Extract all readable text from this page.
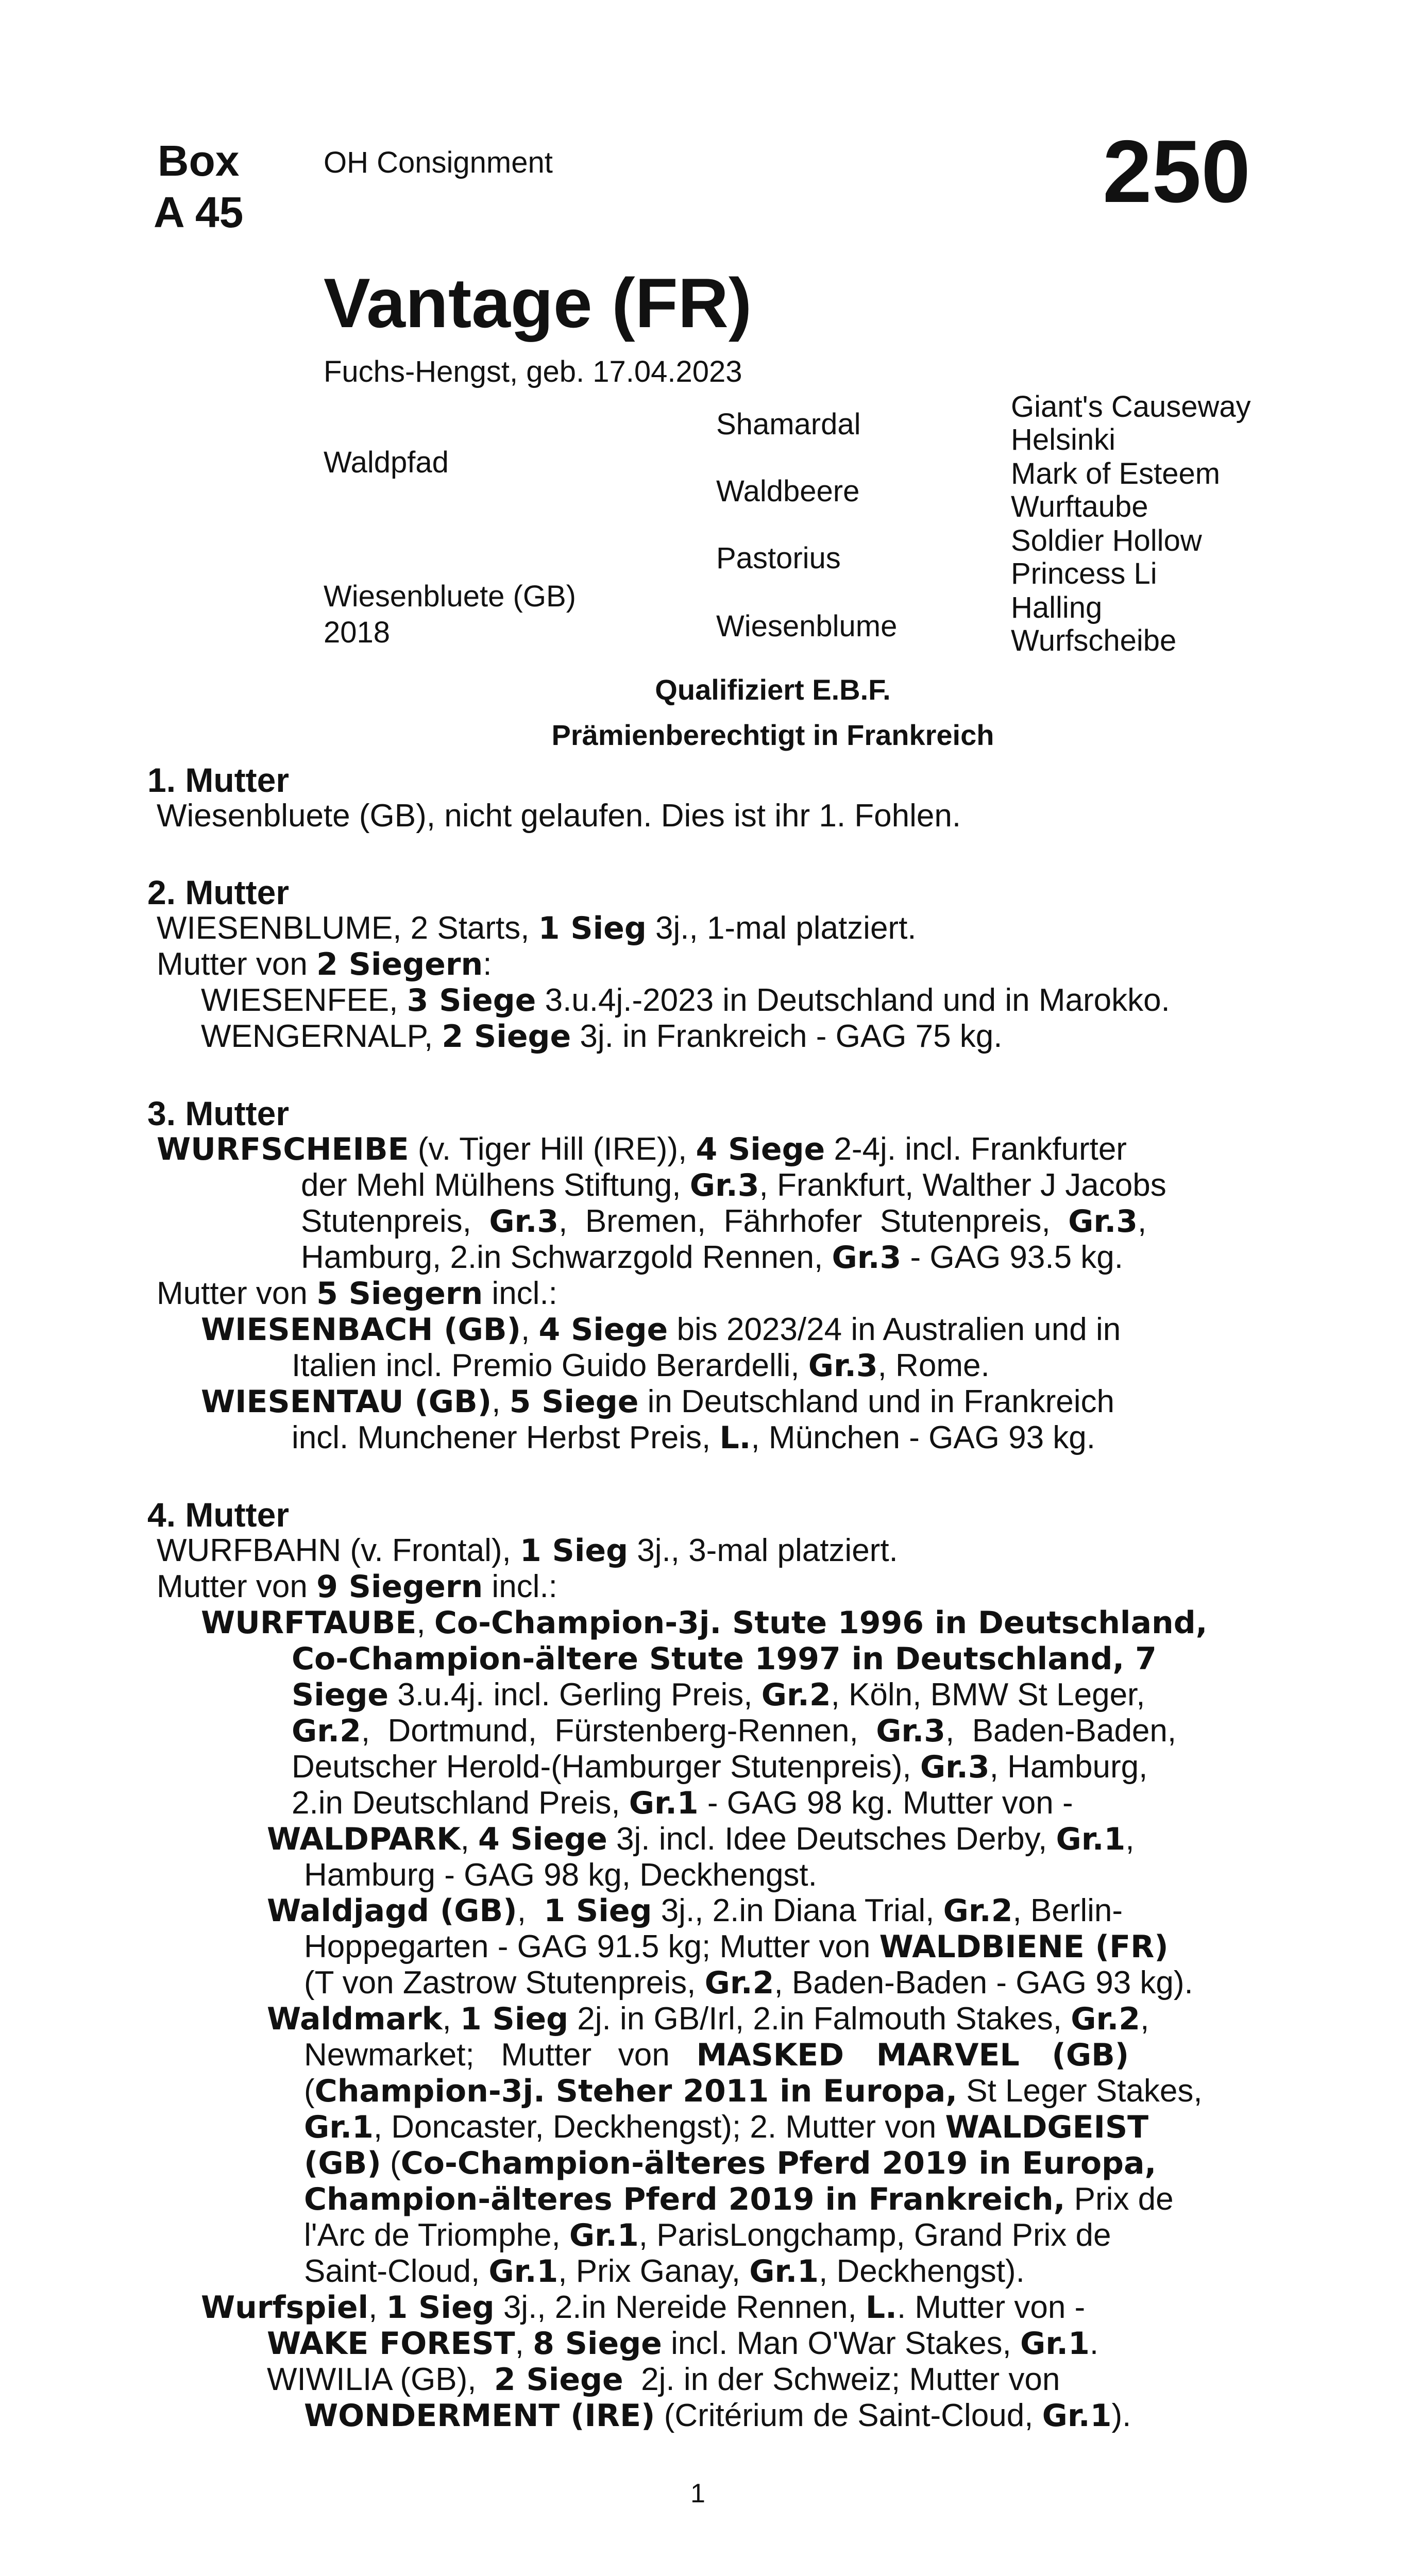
Box
A 45
OH Consignment	250
Vantage (FR)
Fuchs-Hengst, geb. 17.04.2023
Waldpfad
Wiesenbluete (GB)
2018
Shamardal
Waldbeere
Pastorius
Wiesenblume
Giant's Causeway
Helsinki
Mark of Esteem
Wurftaube
Soldier Hollow
Princess Li
Halling
Wurfscheibe
Qualifiziert E.B.F.
Prämienberechtigt in Frankreich
1. Mutter
Wiesenbluete (GB), nicht gelaufen. Dies ist ihr 1. Fohlen.
2. Mutter
WIESENBLUME, 2 Starts, 1 Sieg 3j., 1-mal platziert.
Mutter von 2 Siegern:
WIESENFEE, 3 Siege 3.u.4j.-2023 in Deutschland und in Marokko.
WENGERNALP, 2 Siege 3j. in Frankreich - GAG 75 kg.
3. Mutter
WURFSCHEIBE (v. Tiger Hill (IRE)), 4 Siege 2-4j. incl. Frankfurter
der Mehl Mülhens Stiftung, Gr.3, Frankfurt, Walther J Jacobs
Stutenpreis,  Gr.3,  Bremen,  Fährhofer  Stutenpreis,  Gr.3,
Hamburg, 2.in Schwarzgold Rennen, Gr.3 - GAG 93.5 kg.
Mutter von 5 Siegern incl.:
WIESENBACH (GB), 4 Siege bis 2023/24 in Australien und in
Italien incl. Premio Guido Berardelli, Gr.3, Rome.
WIESENTAU (GB), 5 Siege in Deutschland und in Frankreich
incl. Munchener Herbst Preis, L., München - GAG 93 kg.
4. Mutter
WURFBAHN (v. Frontal), 1 Sieg 3j., 3-mal platziert.
Mutter von 9 Siegern incl.:
WURFTAUBE, Co-Champion-3j. Stute 1996 in Deutschland,
Co-Champion-ältere Stute 1997 in Deutschland, 7
Siege 3.u.4j. incl. Gerling Preis, Gr.2, Köln, BMW St Leger,
Gr.2,  Dortmund,  Fürstenberg-Rennen,  Gr.3,  Baden-Baden,
Deutscher Herold-(Hamburger Stutenpreis), Gr.3, Hamburg,
2.in Deutschland Preis, Gr.1 - GAG 98 kg. Mutter von -
WALDPARK, 4 Siege 3j. incl. Idee Deutsches Derby, Gr.1,
Hamburg - GAG 98 kg, Deckhengst.
Waldjagd (GB),  1 Sieg 3j., 2.in Diana Trial, Gr.2, Berlin-
Hoppegarten - GAG 91.5 kg; Mutter von WALDBIENE (FR)
(T von Zastrow Stutenpreis, Gr.2, Baden-Baden - GAG 93 kg).
Waldmark, 1 Sieg 2j. in GB/Irl, 2.in Falmouth Stakes, Gr.2,
Newmarket;   Mutter   von   MASKED   MARVEL   (GB)
(Champion-3j. Steher 2011 in Europa, St Leger Stakes,
Gr.1, Doncaster, Deckhengst); 2. Mutter von WALDGEIST
(GB) (Co-Champion-älteres Pferd 2019 in Europa,
Champion-älteres Pferd 2019 in Frankreich, Prix de
l'Arc de Triomphe, Gr.1, ParisLongchamp, Grand Prix de
Saint-Cloud, Gr.1, Prix Ganay, Gr.1, Deckhengst).
Wurfspiel, 1 Sieg 3j., 2.in Nereide Rennen, L.. Mutter von -
WAKE FOREST, 8 Siege incl. Man O'War Stakes, Gr.1.
WIWILIA (GB),  2 Siege  2j. in der Schweiz; Mutter von
WONDERMENT (IRE) (Critérium de Saint-Cloud, Gr.1).
1
